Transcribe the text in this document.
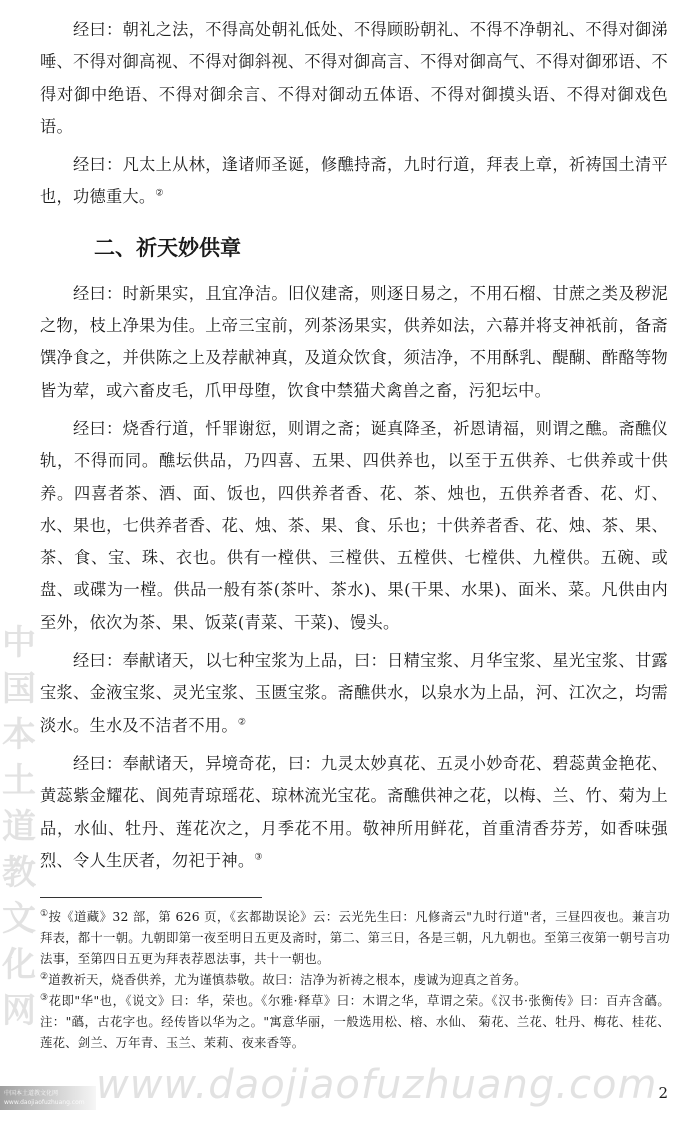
中国本土道教文化网

经曰：朝礼之法，不得高处朝礼低处、不得顾盼朝礼、不得不净朝礼、不得对御涕唾、不得对御高视、不得对御斜视、不得对御高言、不得对御高气、不得对御邪语、不得对御中绝语、不得对御余言、不得对御动五体语、不得对御摸头语、不得对御戏色语。

经曰：凡太上从林，逢诸师圣诞，修醮持斋，九时行道，拜表上章，祈祷国土清平也，功德重大。②

二、祈天妙供章

经曰：时新果实，且宜净洁。旧仪建斋，则逐日易之，不用石榴、甘蔗之类及秽泥之物，枝上净果为佳。上帝三宝前，列茶汤果实，供养如法，六幕并将支神祇前，备斋馔净食之，并供陈之上及荐献神真，及道众饮食，须洁净，不用酥乳、醍醐、酢酪等物皆为荤，或六畜皮毛，爪甲母堕，饮食中禁猫犬禽兽之畜，污犯坛中。

经曰：烧香行道，忏罪谢愆，则谓之斋；诞真降圣，祈恩请福，则谓之醮。斋醮仪轨，不得而同。醮坛供品，乃四喜、五果、四供养也，以至于五供养、七供养或十供养。四喜者茶、酒、面、饭也，四供养者香、花、茶、烛也，五供养者香、花、灯、水、果也，七供养者香、花、烛、茶、果、食、乐也；十供养者香、花、烛、茶、果、茶、食、宝、珠、衣也。供有一樘供、三樘供、五樘供、七樘供、九樘供。五碗、或盘、或碟为一樘。供品一般有茶(茶叶、茶水)、果(干果、水果)、面米、菜。凡供由内至外，依次为茶、果、饭菜(青菜、干菜)、馒头。

经曰：奉献诸天，以七种宝浆为上品，曰：日精宝浆、月华宝浆、星光宝浆、甘露宝浆、金液宝浆、灵光宝浆、玉匮宝浆。斋醮供水，以泉水为上品，河、江次之，均需淡水。生水及不洁者不用。②

经曰：奉献诸天，异境奇花，曰：九灵太妙真花、五灵小妙奇花、碧蕊黄金艳花、黄蕊紫金耀花、阆苑青琼瑶花、琼林流光宝花。斋醮供神之花，以梅、兰、竹、菊为上品，水仙、牡丹、莲花次之，月季花不用。敬神所用鲜花，首重清香芬芳，如香味强烈、令人生厌者，勿祀于神。③

①按《道藏》32 部，第 626 页，《玄都勘误论》云：云光先生曰：凡修斋云"九时行道"者，三昼四夜也。兼言功拜表，都十一朝。九朝即第一夜至明日五更及斋时，第二、第三日，各是三朝，凡九朝也。至第三夜第一朝号言功法事，至第四日五更为拜表荐恩法事，共十一朝也。

②道教祈天，烧香供养，尤为谨慎恭敬。故曰：洁净为祈祷之根本，虔诚为迎真之首务。

③花即"华"也，《说文》曰：华，荣也。《尔雅·释草》曰：木谓之华，草谓之荣。《汉书·张衡传》曰：百卉含蘤。注："蘤，古花字也。经传皆以华为之。"寓意华丽，一般选用松、榕、水仙、 菊花、兰花、牡丹、梅花、桂花、莲花、剑兰、万年青、玉兰、茉莉、夜来香等。

中国本土道教文化网 www.daojiaofuzhuang.com www.daojiaofuzhuang.com 2
